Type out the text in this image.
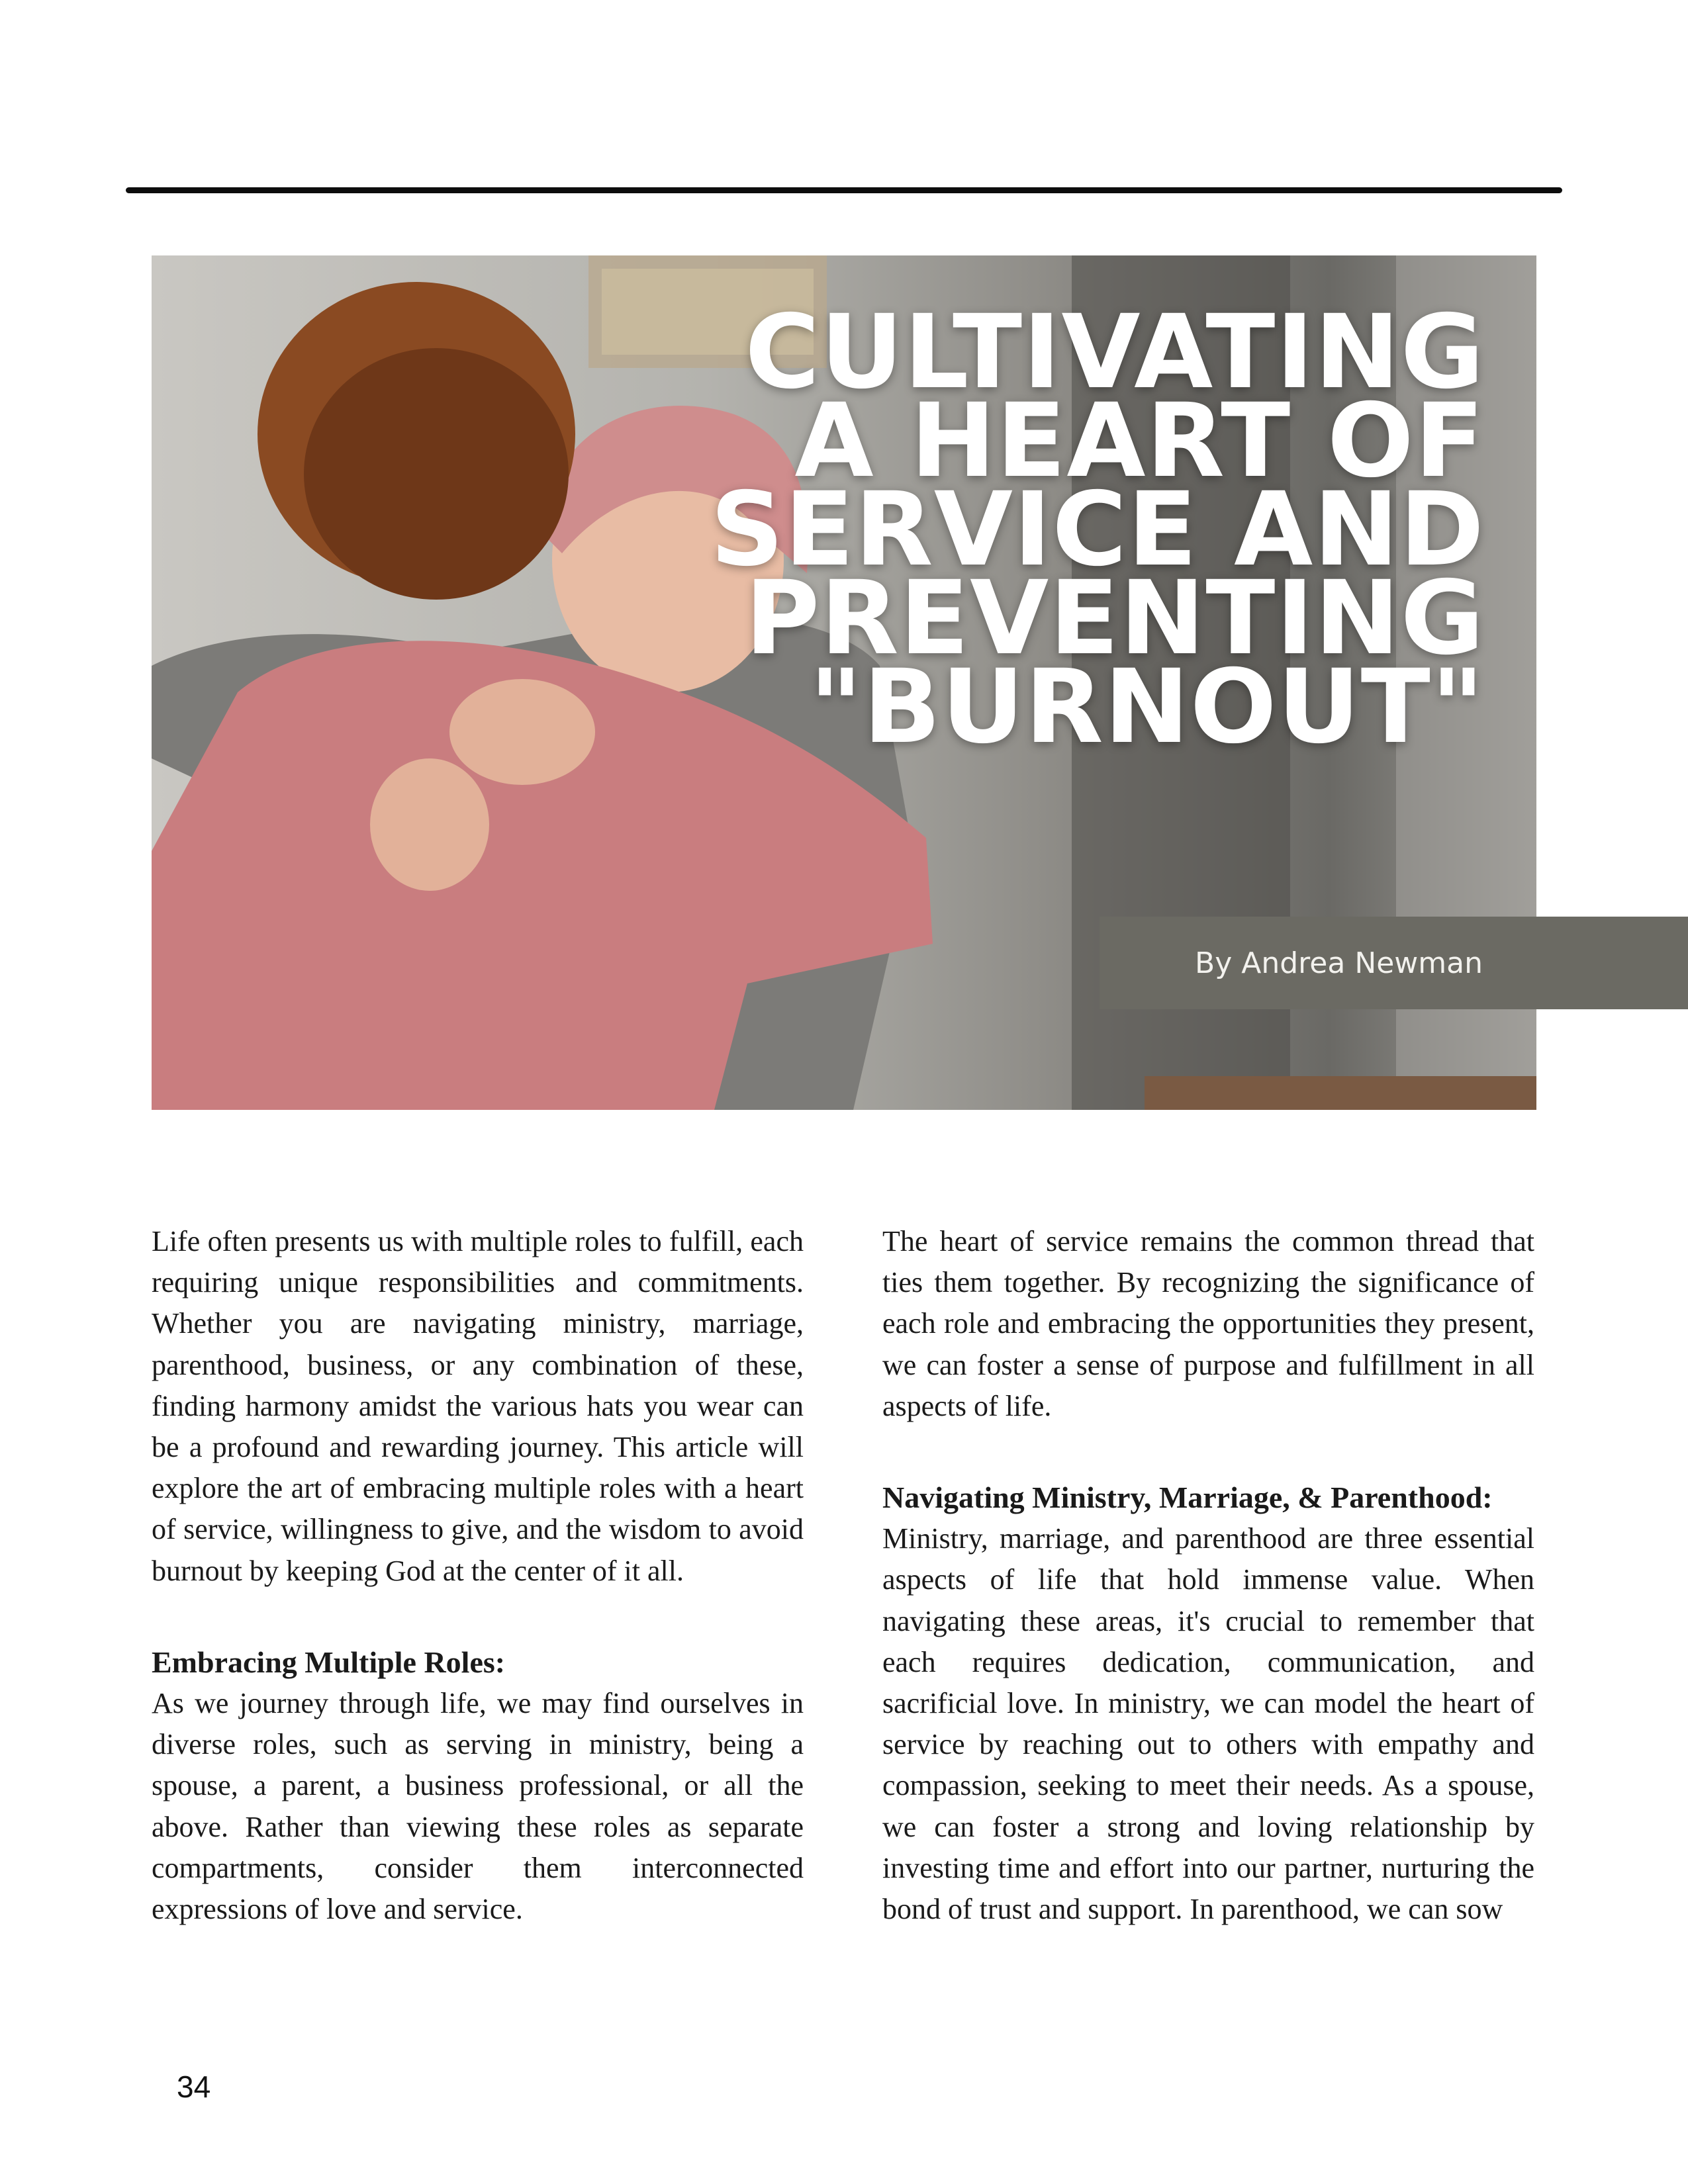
CULTIVATING
A HEART OF
SERVICE AND
PREVENTING
"BURNOUT"
By Andrea Newman

Life often presents us with multiple roles to fulfill, each requiring unique responsibilities and commitments. Whether you are navigating ministry, marriage, parenthood, business, or any combination of these, finding harmony amidst the various hats you wear can be a profound and rewarding journey. This article will explore the art of embracing multiple roles with a heart of service, willingness to give, and the wisdom to avoid burnout by keeping God at the center of it all.

Embracing Multiple Roles:

As we journey through life, we may find ourselves in diverse roles, such as serving in ministry, being a spouse, a parent, a business professional, or all the above. Rather than viewing these roles as separate compartments, consider them interconnected expressions of love and service.

The heart of service remains the common thread that ties them together. By recognizing the significance of each role and embracing the opportunities they present, we can foster a sense of purpose and fulfillment in all aspects of life.

Navigating Ministry, Marriage, & Parenthood:

Ministry, marriage, and parenthood are three essential aspects of life that hold immense value. When navigating these areas, it's crucial to remember that each requires dedication, communication, and sacrificial love. In ministry, we can model the heart of service by reaching out to others with empathy and compassion, seeking to meet their needs. As a spouse, we can foster a strong and loving relationship by investing time and effort into our partner, nurturing the bond of trust and support. In parenthood, we can sow

34
